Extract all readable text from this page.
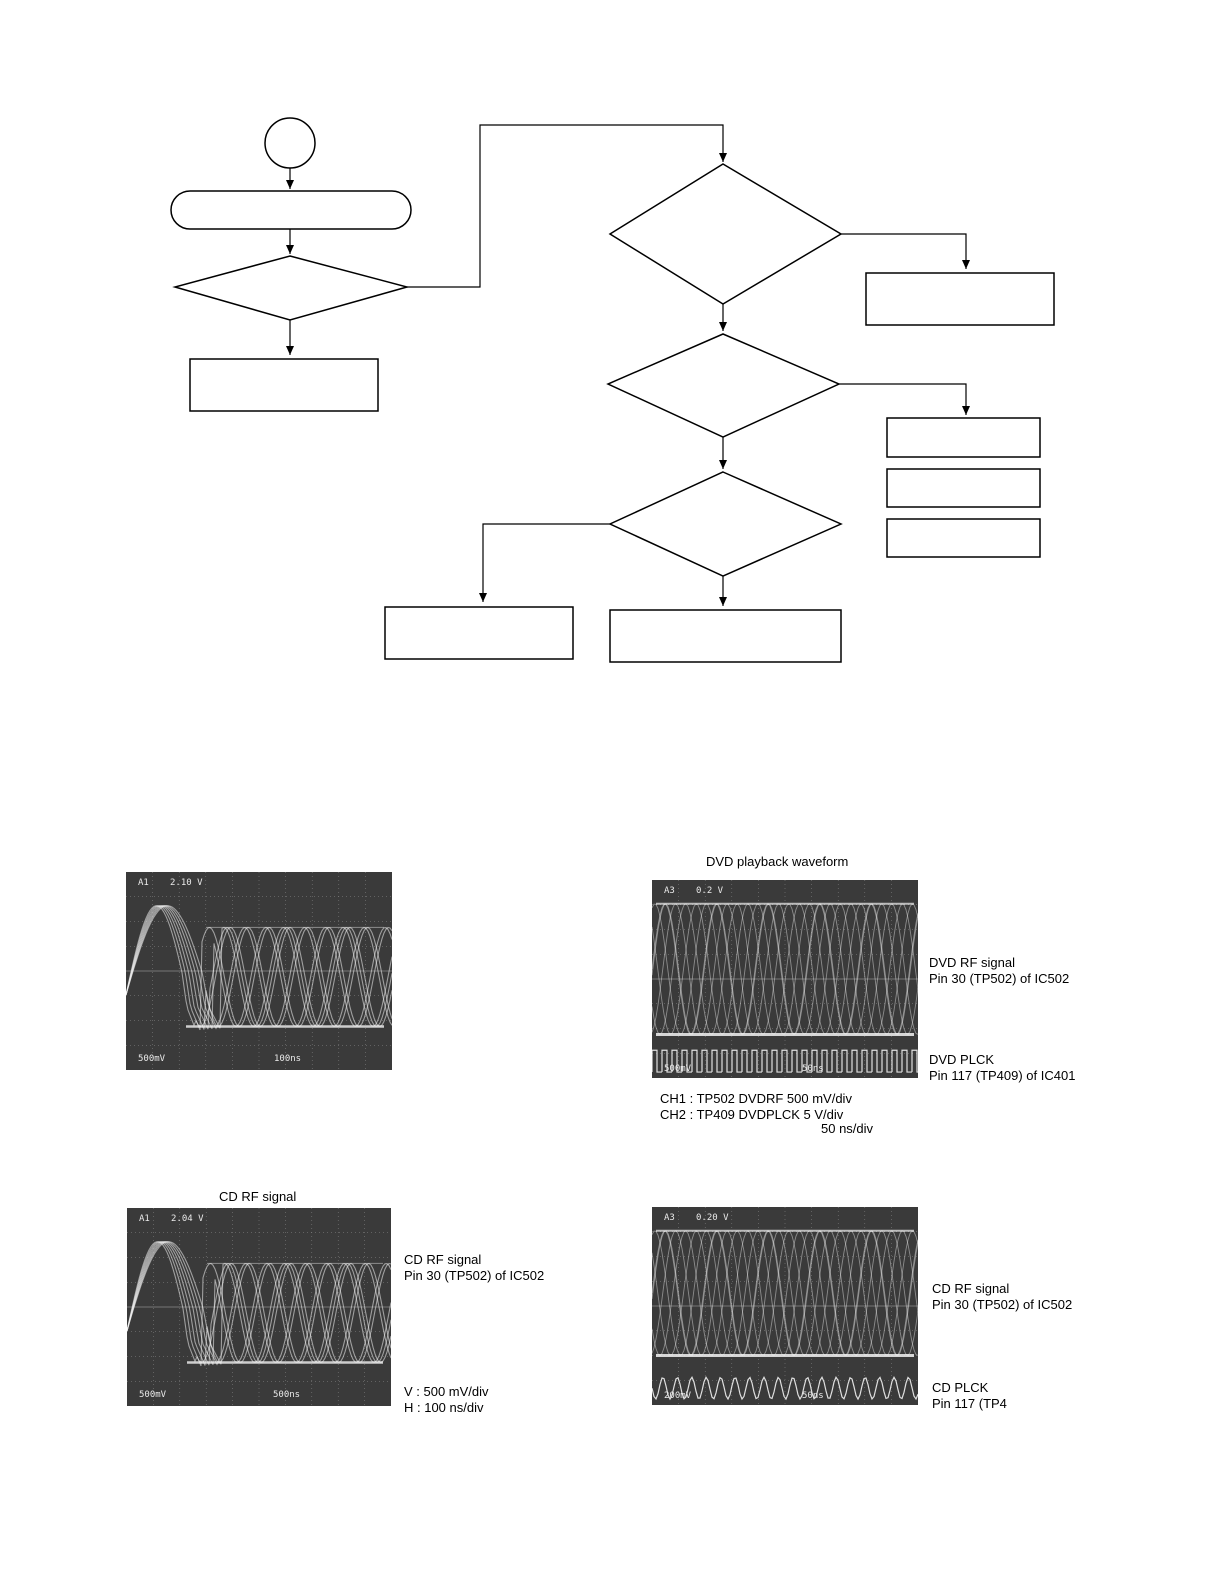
DVD playback waveform
A1 2.10 V
500mV	100ns
A3 0.2 V
500mV	50ns
DVD RF signal
Pin 30 (TP502) of IC502
DVD PLCK
Pin 117 (TP409) of IC401
CH1 : TP502 DVDRF 500 mV/div
CH2 : TP409 DVDPLCK 5 V/div
50 ns/div
CD RF signal
A1 2.04 V
500mV	500ns
CD RF signal
Pin 30 (TP502) of IC502
V : 500 mV/div
H : 100 ns/div
A3 0.20 V
200mV	50ns
CD RF signal
Pin 30 (TP502) of IC502
CD PLCK
Pin 117 (TP4
